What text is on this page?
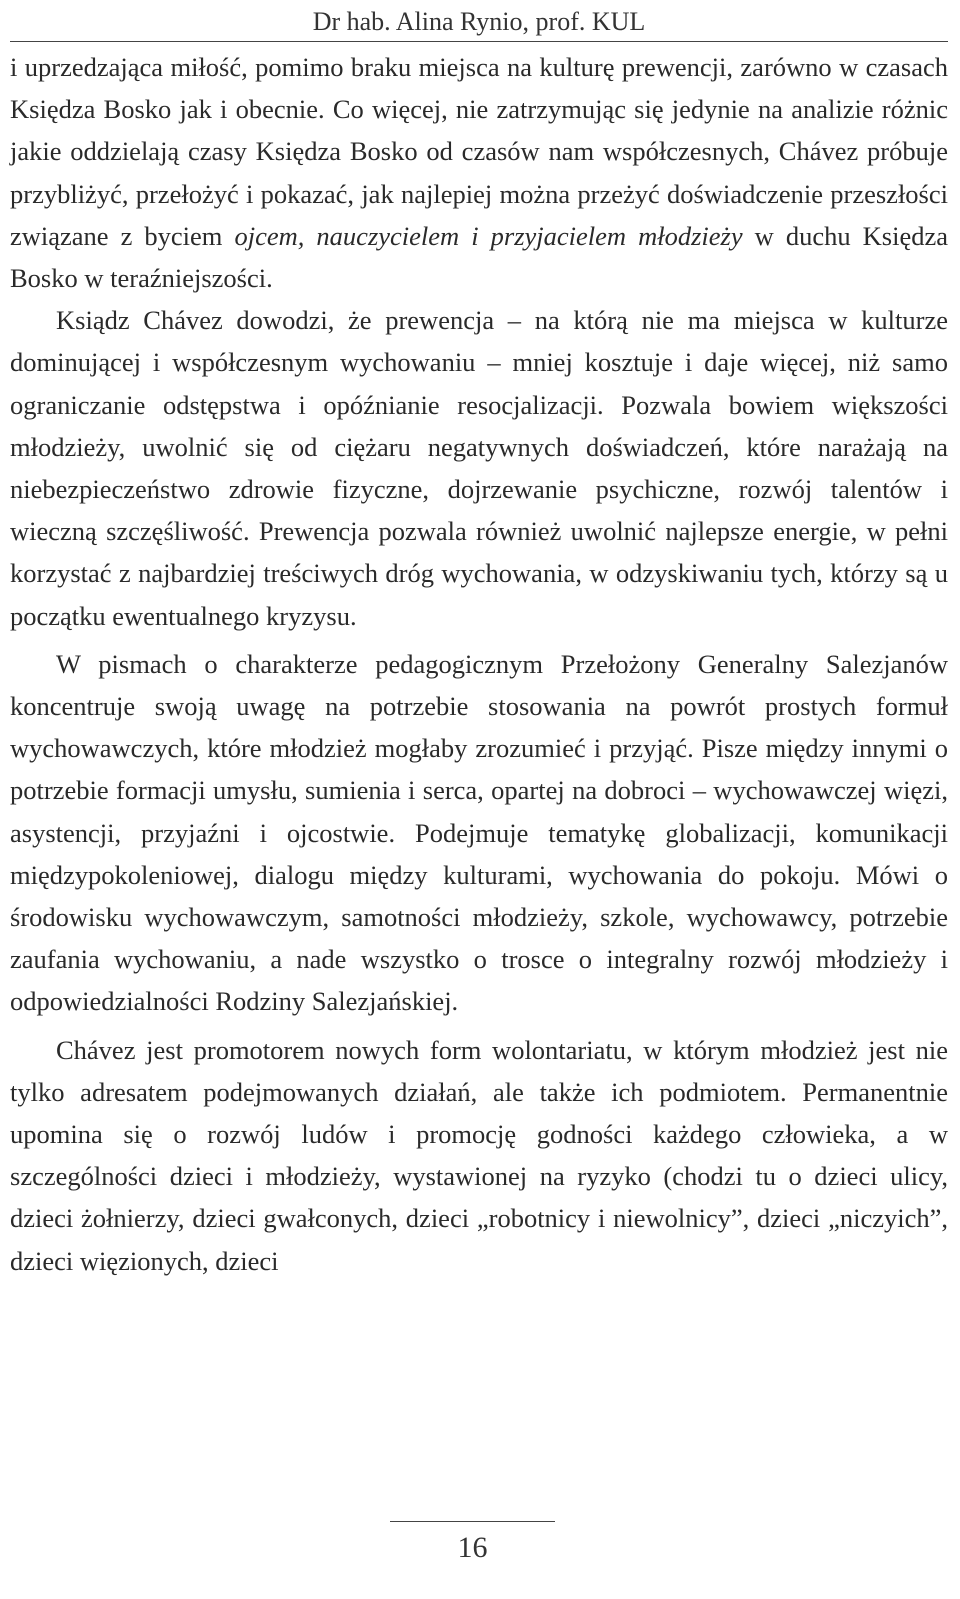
Dr hab. Alina Rynio, prof. KUL

i uprzedzająca miłość, pomimo braku miejsca na kulturę prewencji, zarówno w czasach Księdza Bosko jak i obecnie. Co więcej, nie zatrzymując się jedynie na analizie różnic jakie oddzielają czasy Księdza Bosko od czasów nam współczesnych, Chávez próbuje przybliżyć, przełożyć i pokazać, jak najlepiej można przeżyć doświadczenie przeszłości związane z byciem ojcem, nauczycielem i przyjacielem młodzieży w duchu Księdza Bosko w teraźniejszości.

Ksiądz Chávez dowodzi, że prewencja – na którą nie ma miejsca w kulturze dominującej i współczesnym wychowaniu – mniej kosztuje i daje więcej, niż samo ograniczanie odstępstwa i opóźnianie resocjalizacji. Pozwala bowiem większości młodzieży, uwolnić się od ciężaru negatywnych doświadczeń, które narażają na niebezpieczeństwo zdrowie fizyczne, dojrzewanie psychiczne, rozwój talentów i wieczną szczęśliwość. Prewencja pozwala również uwolnić najlepsze energie, w pełni korzystać z najbardziej treściwych dróg wychowania, w odzyskiwaniu tych, którzy są u początku ewentualnego kryzysu.

W pismach o charakterze pedagogicznym Przełożony Generalny Salezjanów koncentruje swoją uwagę na potrzebie stosowania na powrót prostych formuł wychowawczych, które młodzież mogłaby zrozumieć i przyjąć. Pisze między innymi o potrzebie formacji umysłu, sumienia i serca, opartej na dobroci – wychowawczej więzi, asystencji, przyjaźni i ojcostwie. Podejmuje tematykę globalizacji, komunikacji międzypokoleniowej, dialogu między kulturami, wychowania do pokoju. Mówi o środowisku wychowawczym, samotności młodzieży, szkole, wychowawcy, potrzebie zaufania wychowaniu, a nade wszystko o trosce o integralny rozwój młodzieży i odpowiedzialności Rodziny Salezjańskiej.

Chávez jest promotorem nowych form wolontariatu, w którym młodzież jest nie tylko adresatem podejmowanych działań, ale także ich podmiotem. Permanentnie upomina się o rozwój ludów i promocję godności każdego człowieka, a w szczególności dzieci i młodzieży, wystawionej na ryzyko (chodzi tu o dzieci ulicy, dzieci żołnierzy, dzieci gwałconych, dzieci „robotnicy i niewolnicy”, dzieci „niczyich”, dzieci więzionych, dzieci

16
